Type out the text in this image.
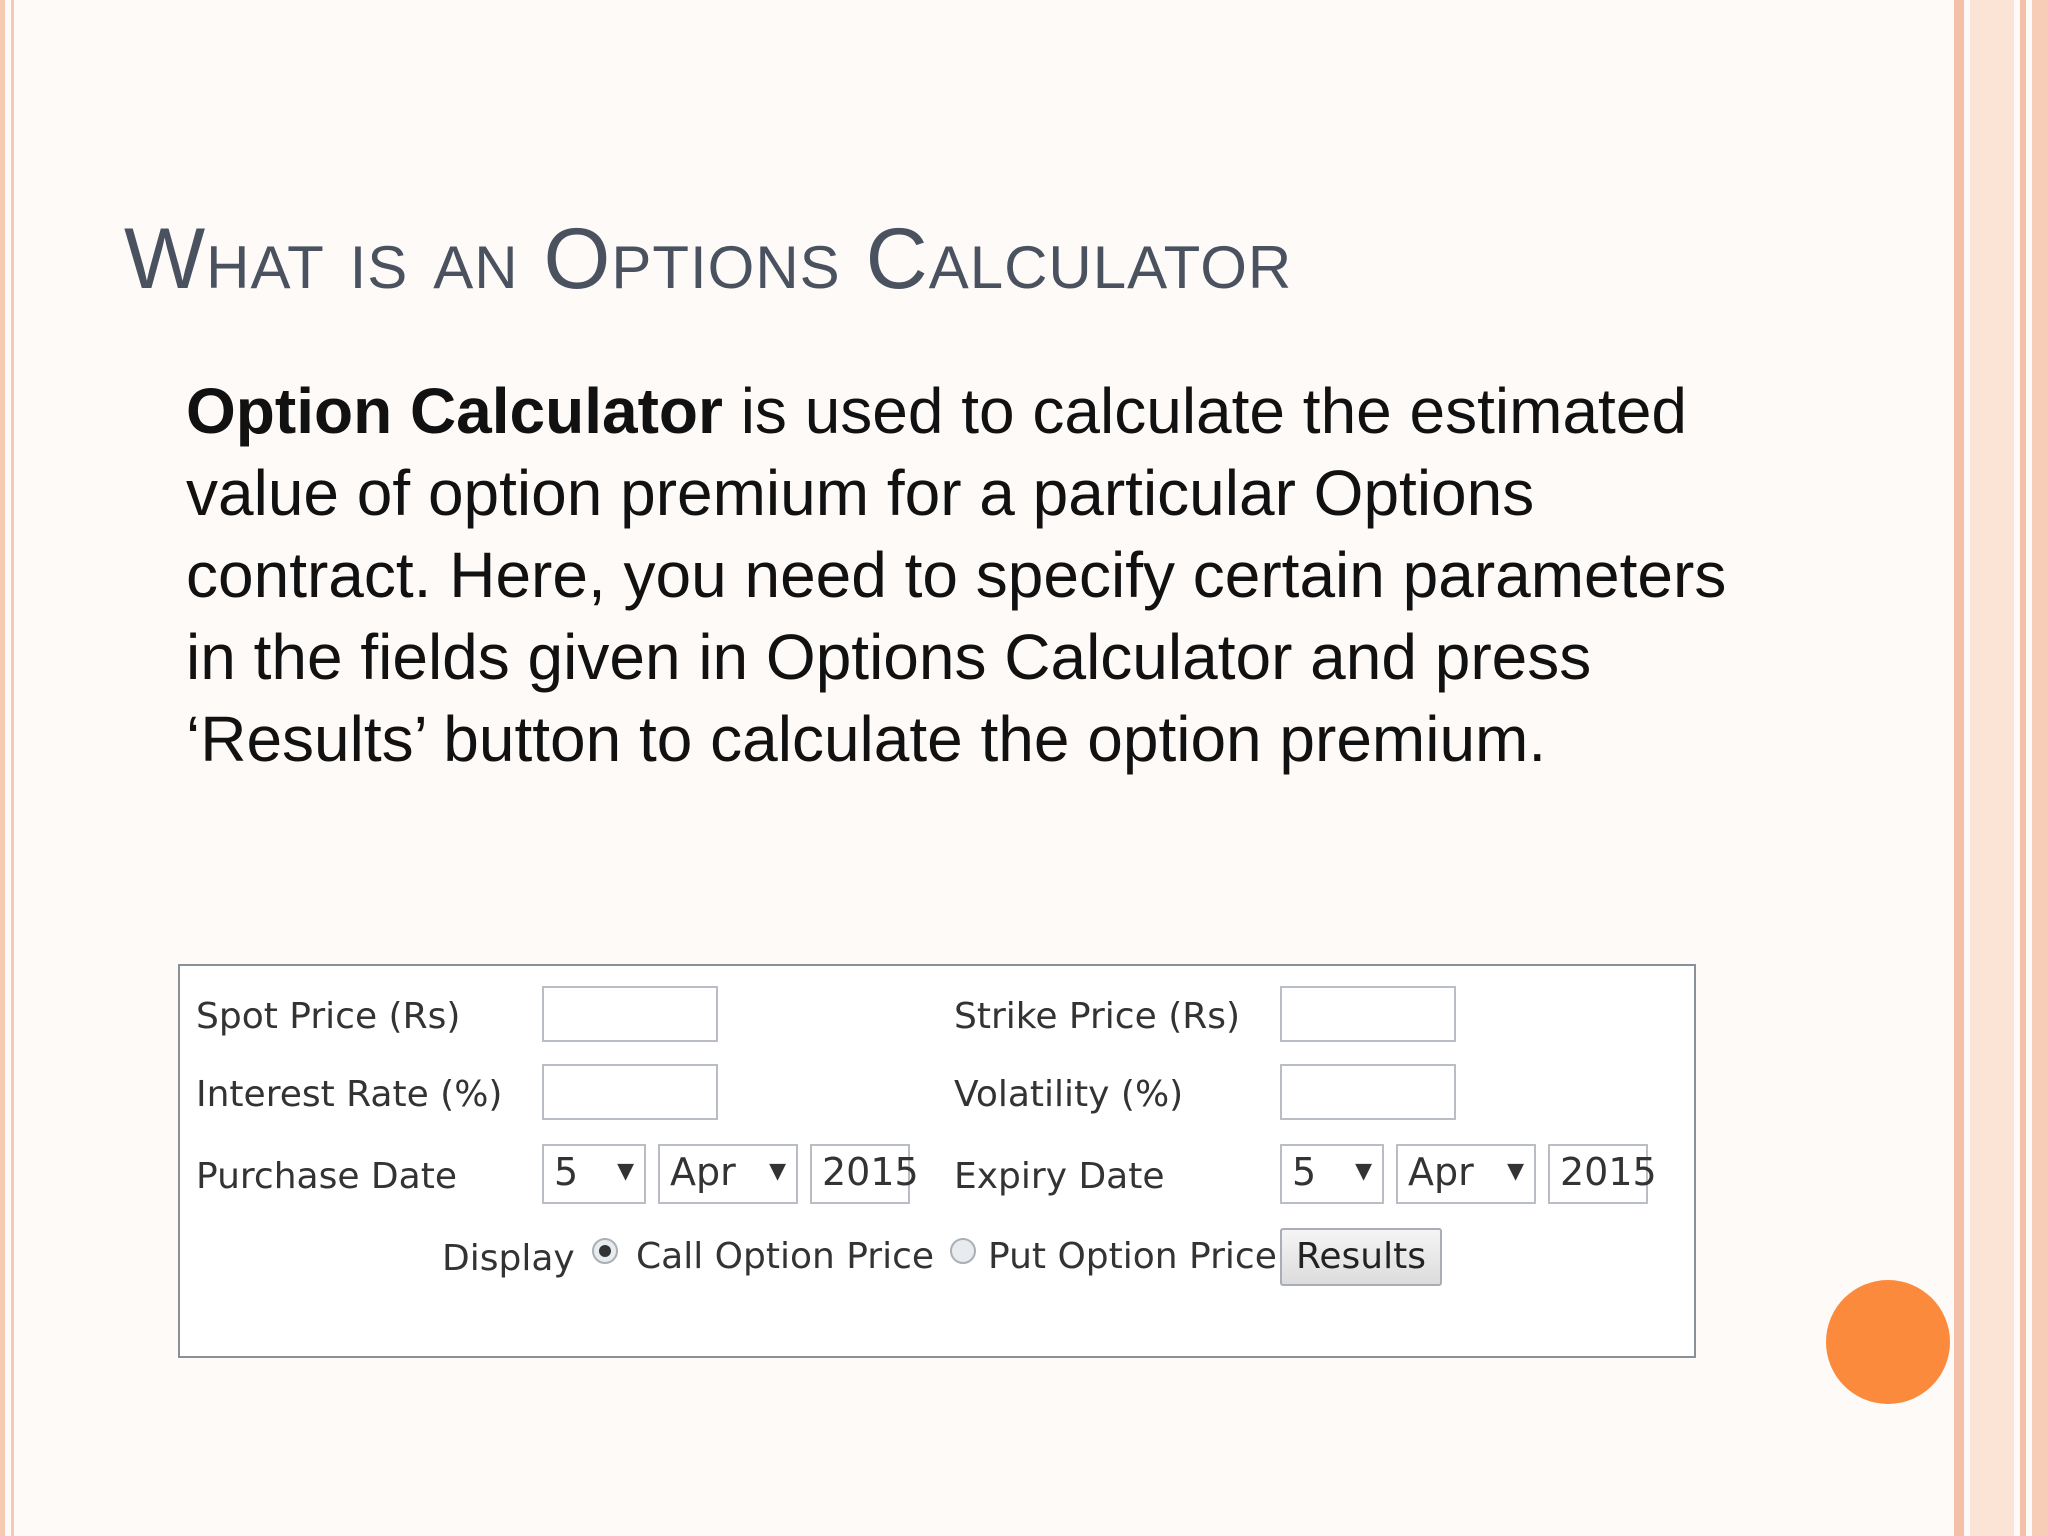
What is an Options Calculator
Option Calculator is used to calculate the estimated value of option premium for a particular Options contract. Here, you need to specify certain parameters in the fields given in Options Calculator and press ‘Results’ button to calculate the option premium.
Spot Price (Rs)	Strike Price (Rs)
Interest Rate (%)	Volatility (%)
Purchase Date	5 ▼ Apr ▼ 2015 Expiry Date	5 ▼ Apr ▼ 2015
Display Call Option Price Put Option Price Results
